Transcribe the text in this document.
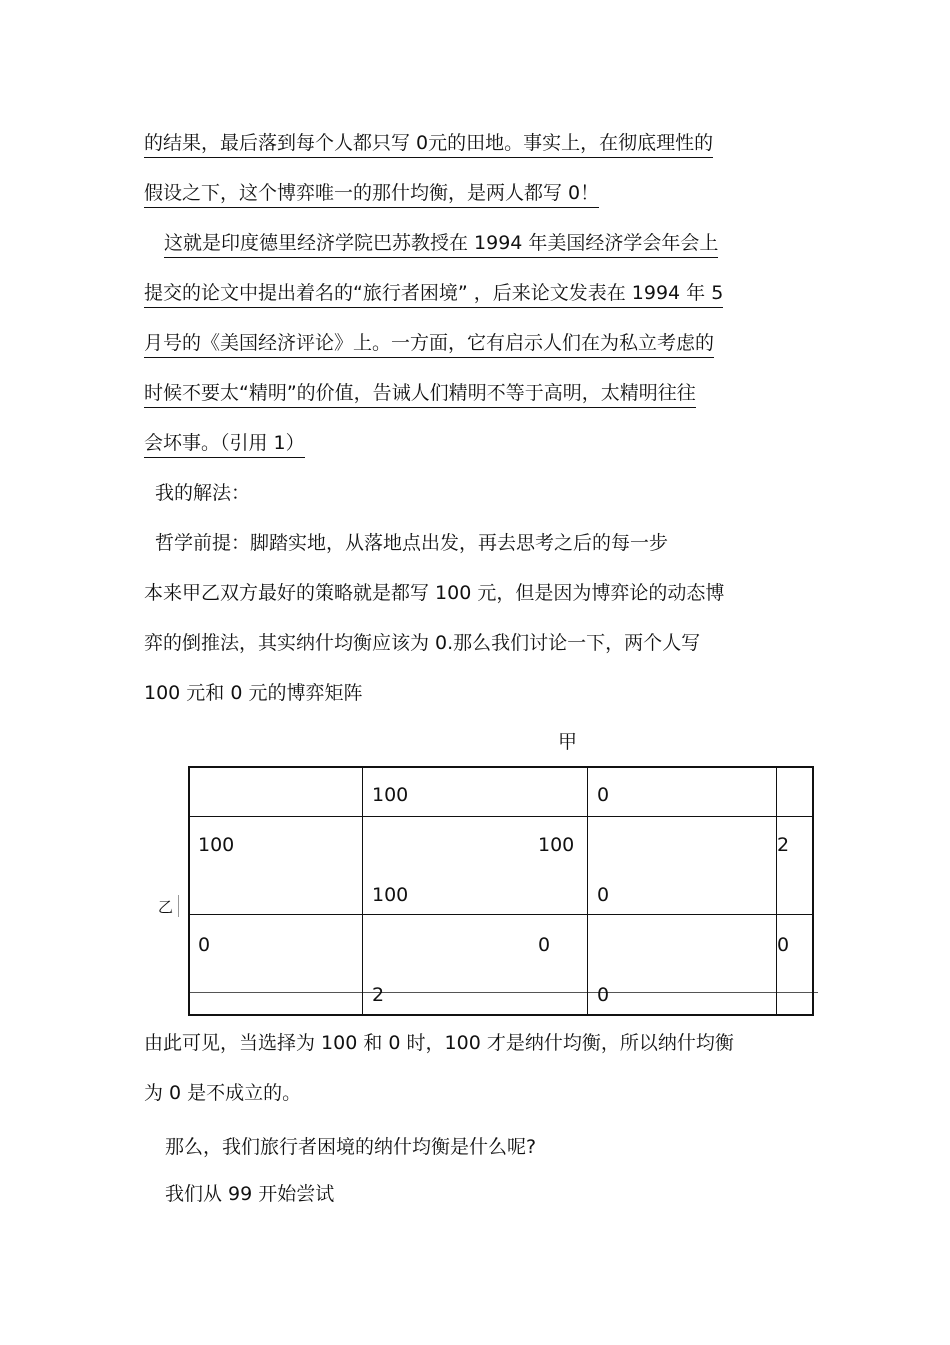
的结果，最后落到每个人都只写 0元的田地。事实上，在彻底理性的
假设之下，这个博弈唯一的那什均衡，是两人都写 0！
这就是印度德里经济学院巴苏教授在 1994 年美国经济学会年会上
提交的论文中提出着名的“旅行者困境” ，后来论文发表在 1994 年 5
月号的《美国经济评论》上。一方面，它有启示人们在为私立考虑的
时候不要太“精明”的价值，告诫人们精明不等于高明，太精明往往
会坏事。（引用 1）
我的解法：
哲学前提：脚踏实地，从落地点出发，再去思考之后的每一步
本来甲乙双方最好的策略就是都写 100 元，但是因为博弈论的动态博
弈的倒推法，其实纳什均衡应该为 0.那么我们讨论一下，两个人写
100 元和 0 元的博弈矩阵
甲
乙
100	0
100
0
100
100
2
0
0
2
0
0
由此可见，当选择为 100 和 0 时，100 才是纳什均衡，所以纳什均衡
为 0 是不成立的。
那么，我们旅行者困境的纳什均衡是什么呢?
我们从 99 开始尝试
